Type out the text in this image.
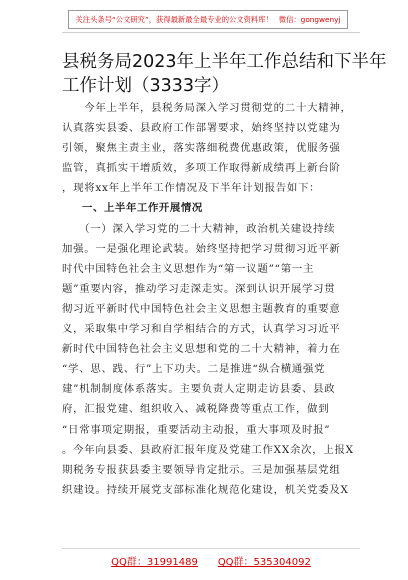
关注头条号“公文研究”，获得最新最全最专业的公文资料库！ 微信：gongwenyj
县税务局2023年上半年工作总结和下半年
工作计划（3333字）
　　今年上半年，县税务局深入学习贯彻党的二十大精神，
认真落实县委、县政府工作部署要求，始终坚持以党建为
引领，聚焦主责主业，落实落细税费优惠政策，优服务强
监管，真抓实干增质效，多项工作取得新成绩再上新台阶
，现将xx年上半年工作情况及下半年计划报告如下：
一、上半年工作开展情况
　　（一）深入学习党的二十大精神，政治机关建设持续
加强。一是强化理论武装。始终坚持把学习贯彻习近平新
时代中国特色社会主义思想作为“第一议题”“第一主
题”重要内容，推动学习走深走实。深到认识开展学习贯
彻习近平新时代中国特色社会主义思想主题教育的重要意
义，采取集中学习和自学相结合的方式，认真学习习近平
新时代中国特色社会主义思想和党的二十大精神，着力在
“学、思、践、行”上下功夫。二是推进“纵合横通强党
建”机制制度体系落实。主要负责人定期走访县委、县政
府，汇报党建、组织收入、减税降费等重点工作，做到
“日常事项定期报，重要活动主动报，重大事项及时报”
。今年向县委、县政府汇报年度及党建工作XX余次，上报X
期税务专报获县委主要领导肯定批示。三是加强基层党组
织建设。持续开展党支部标准化规范化建设，机关党委及X
QQ群：31991489 QQ群：535304092
